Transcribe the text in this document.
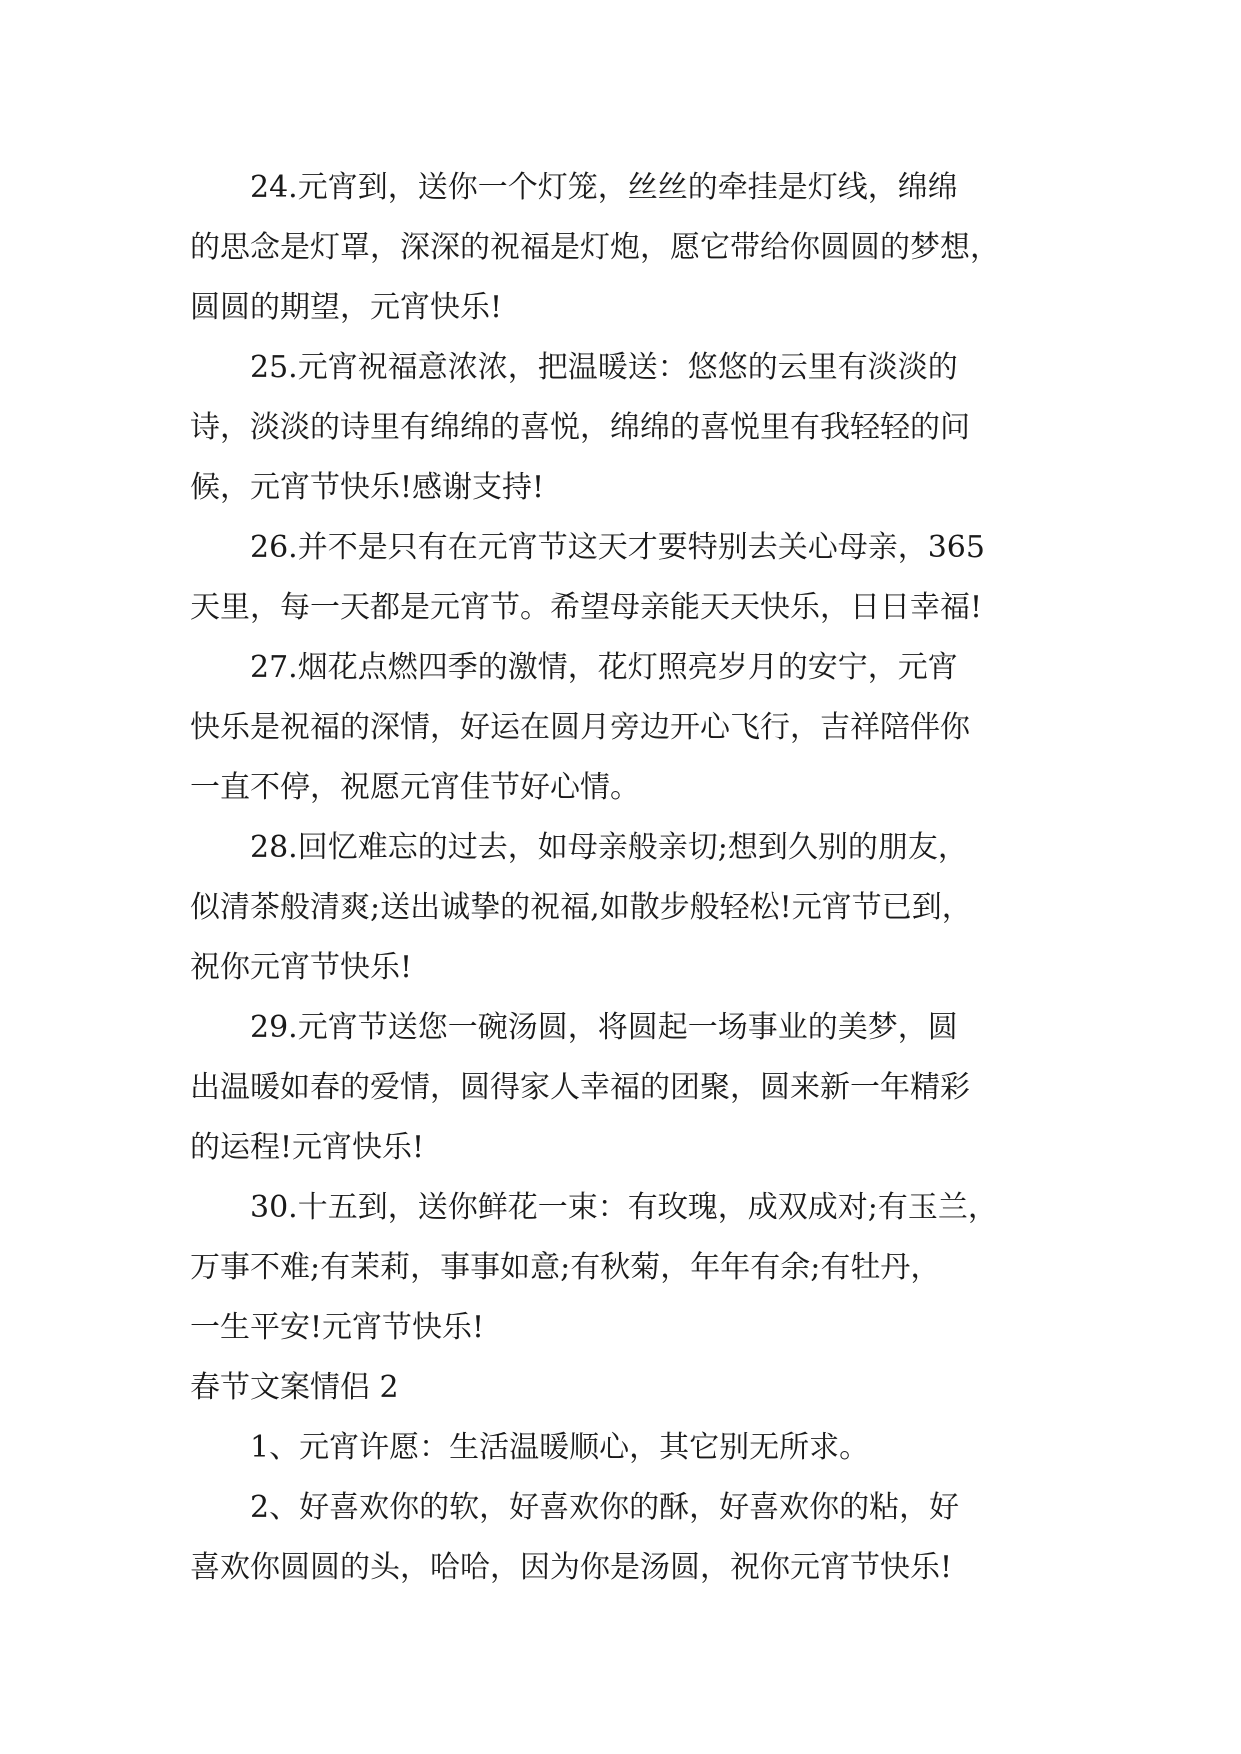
24.元宵到，送你一个灯笼，丝丝的牵挂是灯线，绵绵
的思念是灯罩，深深的祝福是灯炮，愿它带给你圆圆的梦想，
圆圆的期望，元宵快乐!
25.元宵祝福意浓浓，把温暖送：悠悠的云里有淡淡的
诗，淡淡的诗里有绵绵的喜悦，绵绵的喜悦里有我轻轻的问
候，元宵节快乐!感谢支持!
26.并不是只有在元宵节这天才要特别去关心母亲，365
天里，每一天都是元宵节。希望母亲能天天快乐，日日幸福!
27.烟花点燃四季的激情，花灯照亮岁月的安宁，元宵
快乐是祝福的深情，好运在圆月旁边开心飞行，吉祥陪伴你
一直不停，祝愿元宵佳节好心情。
28.回忆难忘的过去，如母亲般亲切;想到久别的朋友，
似清茶般清爽;送出诚挚的祝福,如散步般轻松!元宵节已到，
祝你元宵节快乐!
29.元宵节送您一碗汤圆，将圆起一场事业的美梦，圆
出温暖如春的爱情，圆得家人幸福的团聚，圆来新一年精彩
的运程!元宵快乐!
30.十五到，送你鲜花一束：有玫瑰，成双成对;有玉兰，
万事不难;有茉莉，事事如意;有秋菊，年年有余;有牡丹，
一生平安!元宵节快乐!
春节文案情侣 2
1、元宵许愿：生活温暖顺心，其它别无所求。
2、好喜欢你的软，好喜欢你的酥，好喜欢你的粘，好
喜欢你圆圆的头，哈哈，因为你是汤圆，祝你元宵节快乐!
